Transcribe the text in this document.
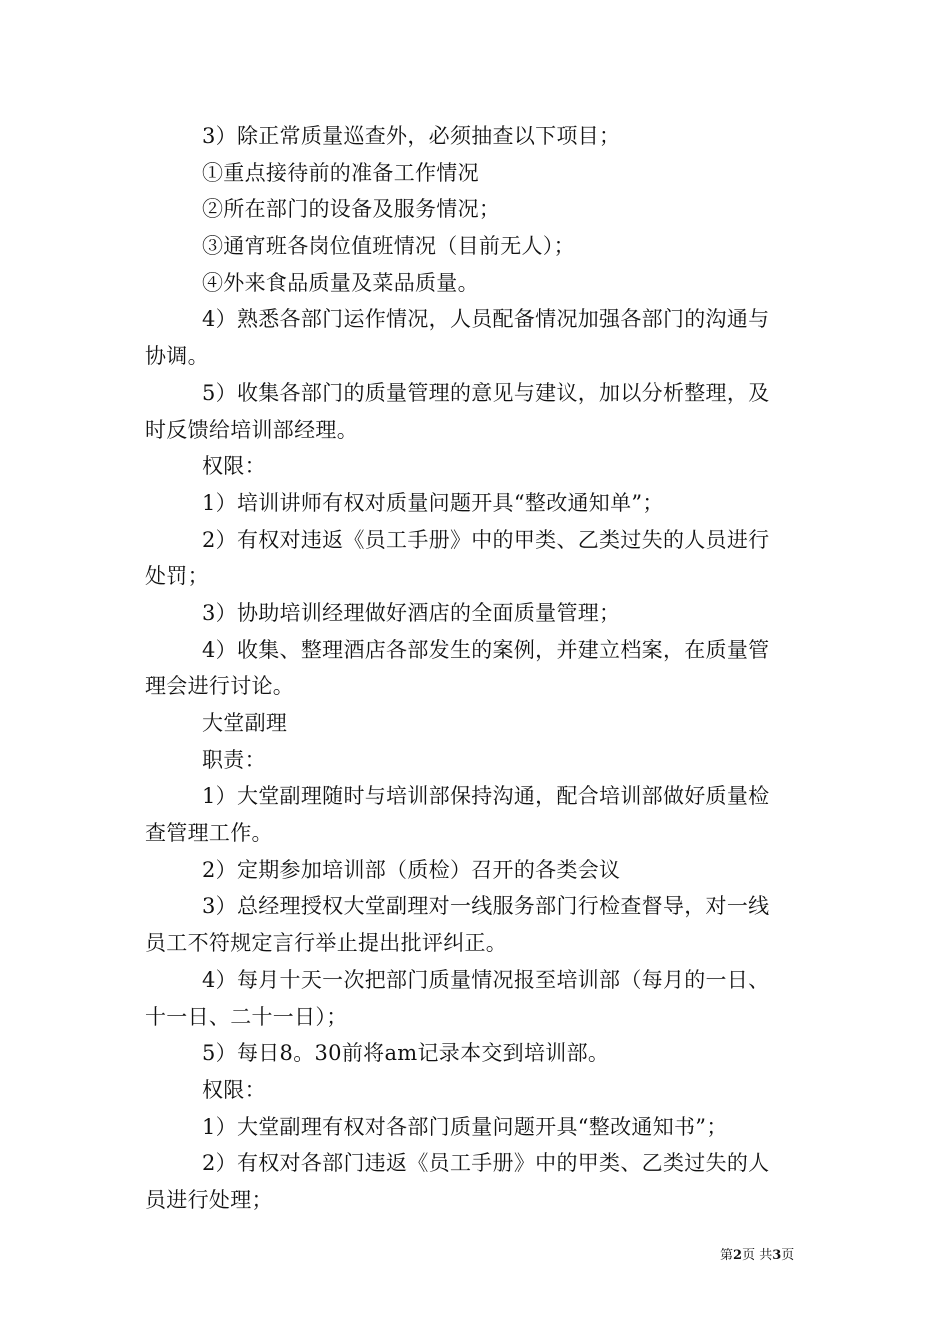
3）除正常质量巡查外，必须抽查以下项目；
①重点接待前的准备工作情况
②所在部门的设备及服务情况；
③通宵班各岗位值班情况（目前无人）；
④外来食品质量及菜品质量。
4）熟悉各部门运作情况，人员配备情况加强各部门的沟通与
协调。
5）收集各部门的质量管理的意见与建议，加以分析整理，及
时反馈给培训部经理。
权限：
1）培训讲师有权对质量问题开具“整改通知单”；
2）有权对违返《员工手册》中的甲类、乙类过失的人员进行
处罚；
3）协助培训经理做好酒店的全面质量管理；
4）收集、整理酒店各部发生的案例，并建立档案，在质量管
理会进行讨论。
大堂副理
职责：
1）大堂副理随时与培训部保持沟通，配合培训部做好质量检
查管理工作。
2）定期参加培训部（质检）召开的各类会议
3）总经理授权大堂副理对一线服务部门行检查督导，对一线
员工不符规定言行举止提出批评纠正。
4）每月十天一次把部门质量情况报至培训部（每月的一日、
十一日、二十一日）；
5）每日8。30前将am记录本交到培训部。
权限：
1）大堂副理有权对各部门质量问题开具“整改通知书”；
2）有权对各部门违返《员工手册》中的甲类、乙类过失的人
员进行处理；
第2页 共3页
